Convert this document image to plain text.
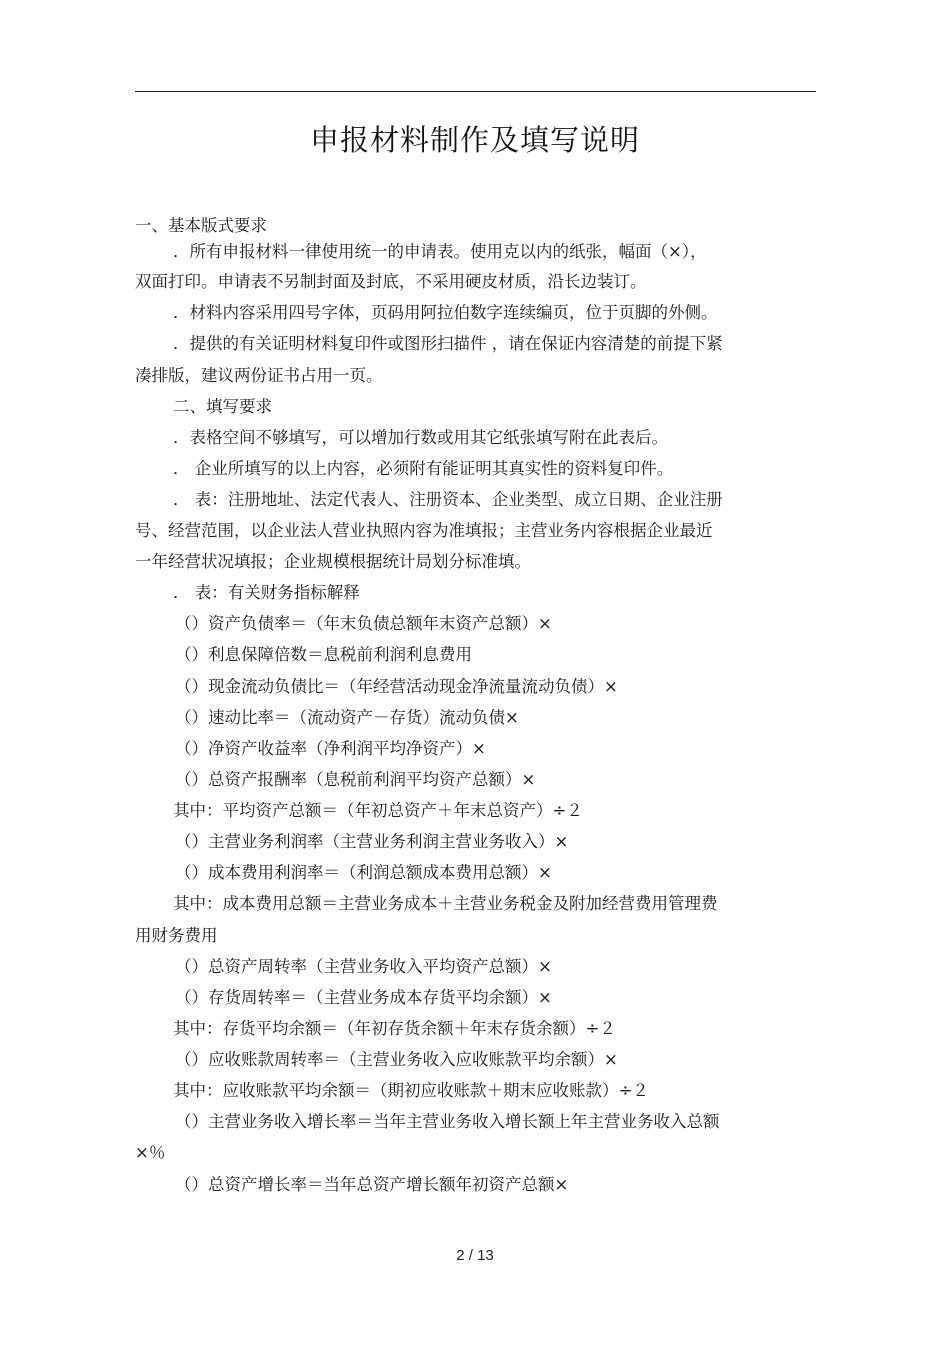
申报材料制作及填写说明
一、基本版式要求
．所有申报材料一律使用统一的申请表。使用克以内的纸张，幅面（×），
双面打印。申请表不另制封面及封底，不采用硬皮材质，沿长边装订。
．材料内容采用四号字体，页码用阿拉伯数字连续编页，位于页脚的外侧。
．提供的有关证明材料复印件或图形扫描件 ，请在保证内容清楚的前提下紧
凑排版，建议两份证书占用一页。
二、填写要求
．表格空间不够填写，可以增加行数或用其它纸张填写附在此表后。
． 企业所填写的以上内容，必须附有能证明其真实性的资料复印件。
． 表：注册地址、法定代表人、注册资本、企业类型、成立日期、企业注册
号、经营范围，以企业法人营业执照内容为准填报；主营业务内容根据企业最近
一年经营状况填报；企业规模根据统计局划分标准填。
． 表：有关财务指标解释
（）资产负债率＝（年末负债总额年末资产总额）×
（）利息保障倍数＝息税前利润利息费用
（）现金流动负债比＝（年经营活动现金净流量流动负债）×
（）速动比率＝（流动资产－存货）流动负债×
（）净资产收益率（净利润平均净资产）×
（）总资产报酬率（息税前利润平均资产总额）×
其中：平均资产总额＝（年初总资产＋年末总资产）÷２
（）主营业务利润率（主营业务利润主营业务收入）×
（）成本费用利润率＝（利润总额成本费用总额）×
其中：成本费用总额＝主营业务成本＋主营业务税金及附加经营费用管理费
用财务费用
（）总资产周转率（主营业务收入平均资产总额）×
（）存货周转率＝（主营业务成本存货平均余额）×
其中：存货平均余额＝（年初存货余额＋年末存货余额）÷２
（）应收账款周转率＝（主营业务收入应收账款平均余额）×
其中：应收账款平均余额＝（期初应收账款＋期末应收账款）÷２
（）主营业务收入增长率＝当年主营业务收入增长额上年主营业务收入总额
×％
（）总资产增长率＝当年总资产增长额年初资产总额×
2 / 13
